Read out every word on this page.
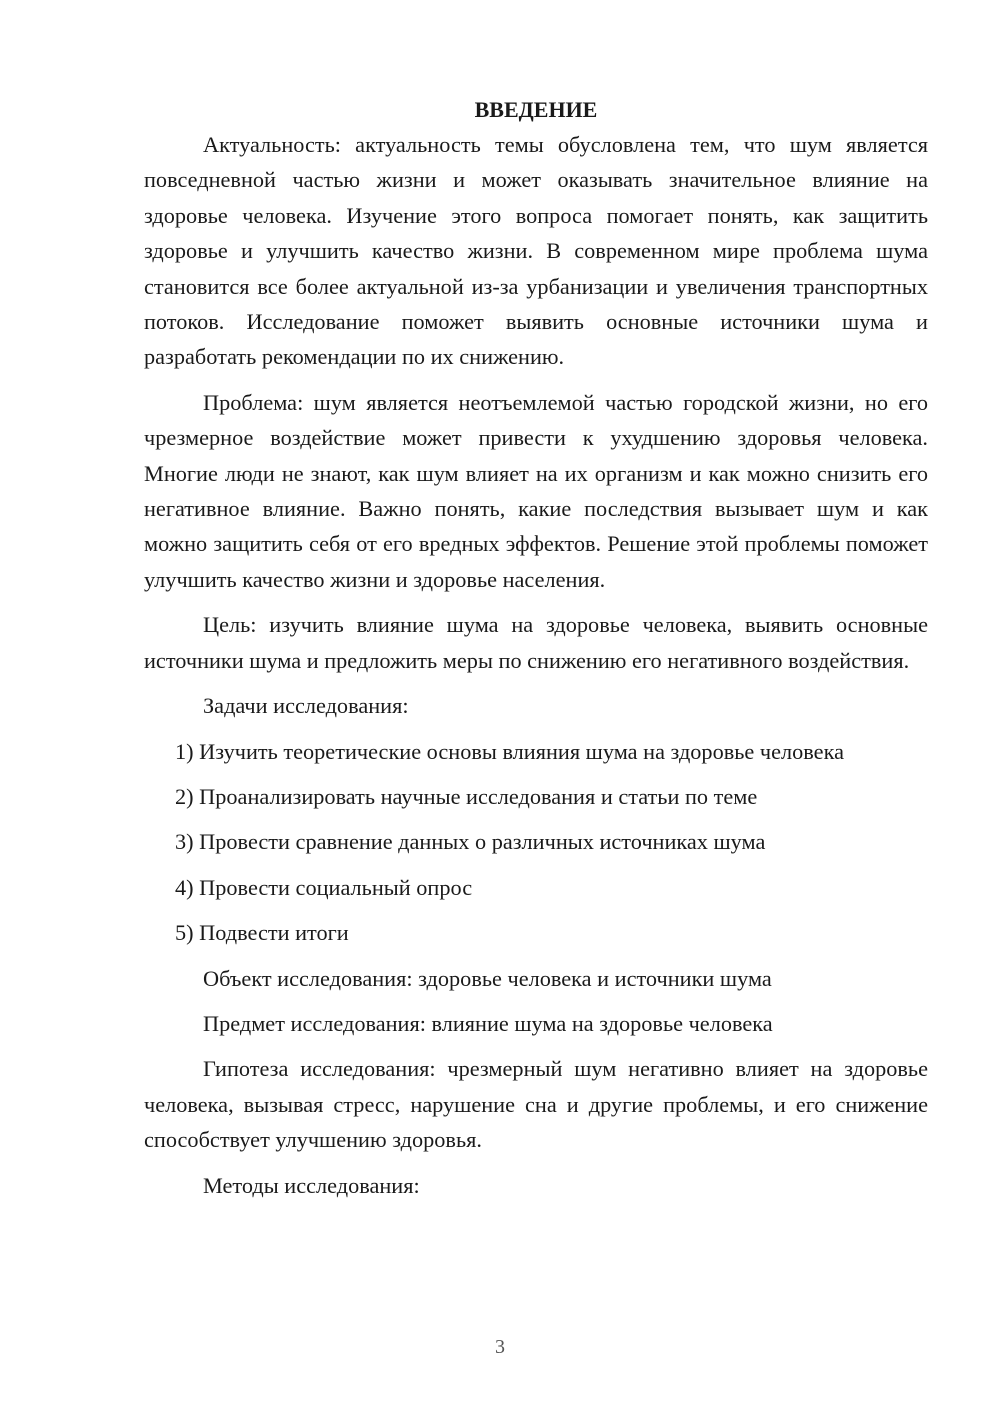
ВВЕДЕНИЕ

Актуальность: актуальность темы обусловлена тем, что шум является повседневной частью жизни и может оказывать значительное влияние на здоровье человека. Изучение этого вопроса помогает понять, как защитить здоровье и улучшить качество жизни. В современном мире проблема шума становится все более актуальной из-за урбанизации и увеличения транспортных потоков. Исследование поможет выявить основные источники шума и разработать рекомендации по их снижению.

Проблема: шум является неотъемлемой частью городской жизни, но его чрезмерное воздействие может привести к ухудшению здоровья человека. Многие люди не знают, как шум влияет на их организм и как можно снизить его негативное влияние. Важно понять, какие последствия вызывает шум и как можно защитить себя от его вредных эффектов. Решение этой проблемы поможет улучшить качество жизни и здоровье населения.

Цель: изучить влияние шума на здоровье человека, выявить основные источники шума и предложить меры по снижению его негативного воздействия.

Задачи исследования:

1) Изучить теоретические основы влияния шума на здоровье человека
2) Проанализировать научные исследования и статьи по теме
3) Провести сравнение данных о различных источниках шума
4) Провести социальный опрос
5) Подвести итоги

Объект исследования: здоровье человека и источники шума

Предмет исследования: влияние шума на здоровье человека

Гипотеза исследования: чрезмерный шум негативно влияет на здоровье человека, вызывая стресс, нарушение сна и другие проблемы, и его снижение способствует улучшению здоровья.

Методы исследования:

3
